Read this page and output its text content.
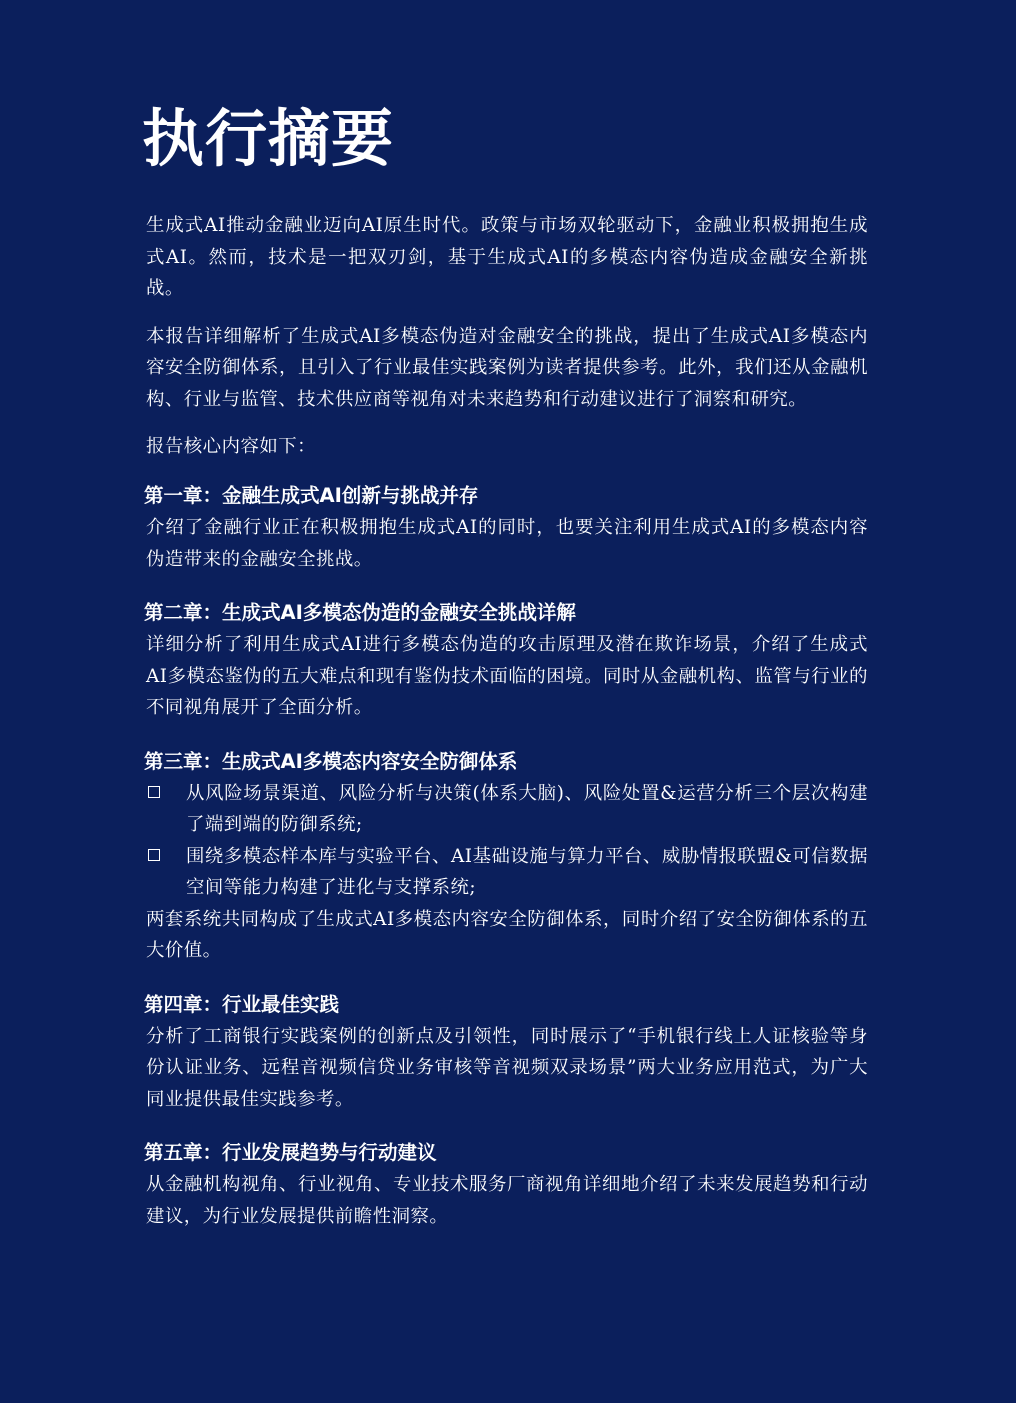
执行摘要

生成式AI推动金融业迈向AI原生时代。政策与市场双轮驱动下，金融业积极拥抱生成式AI。然而，技术是一把双刃剑，基于生成式AI的多模态内容伪造成金融安全新挑战。

本报告详细解析了生成式AI多模态伪造对金融安全的挑战，提出了生成式AI多模态内容安全防御体系，且引入了行业最佳实践案例为读者提供参考。此外，我们还从金融机构、行业与监管、技术供应商等视角对未来趋势和行动建议进行了洞察和研究。

报告核心内容如下：

第一章：金融生成式AI创新与挑战并存

介绍了金融行业正在积极拥抱生成式AI的同时，也要关注利用生成式AI的多模态内容伪造带来的金融安全挑战。

第二章：生成式AI多模态伪造的金融安全挑战详解

详细分析了利用生成式AI进行多模态伪造的攻击原理及潜在欺诈场景，介绍了生成式AI多模态鉴伪的五大难点和现有鉴伪技术面临的困境。同时从金融机构、监管与行业的不同视角展开了全面分析。

第三章：生成式AI多模态内容安全防御体系
从风险场景渠道、风险分析与决策(体系大脑)、风险处置&运营分析三个层次构建了端到端的防御系统;
围绕多模态样本库与实验平台、AI基础设施与算力平台、威胁情报联盟&可信数据空间等能力构建了进化与支撑系统;

两套系统共同构成了生成式AI多模态内容安全防御体系，同时介绍了安全防御体系的五大价值。

第四章：行业最佳实践

分析了工商银行实践案例的创新点及引领性，同时展示了“手机银行线上人证核验等身份认证业务、远程音视频信贷业务审核等音视频双录场景”两大业务应用范式，为广大同业提供最佳实践参考。

第五章：行业发展趋势与行动建议

从金融机构视角、行业视角、专业技术服务厂商视角详细地介绍了未来发展趋势和行动建议，为行业发展提供前瞻性洞察。
